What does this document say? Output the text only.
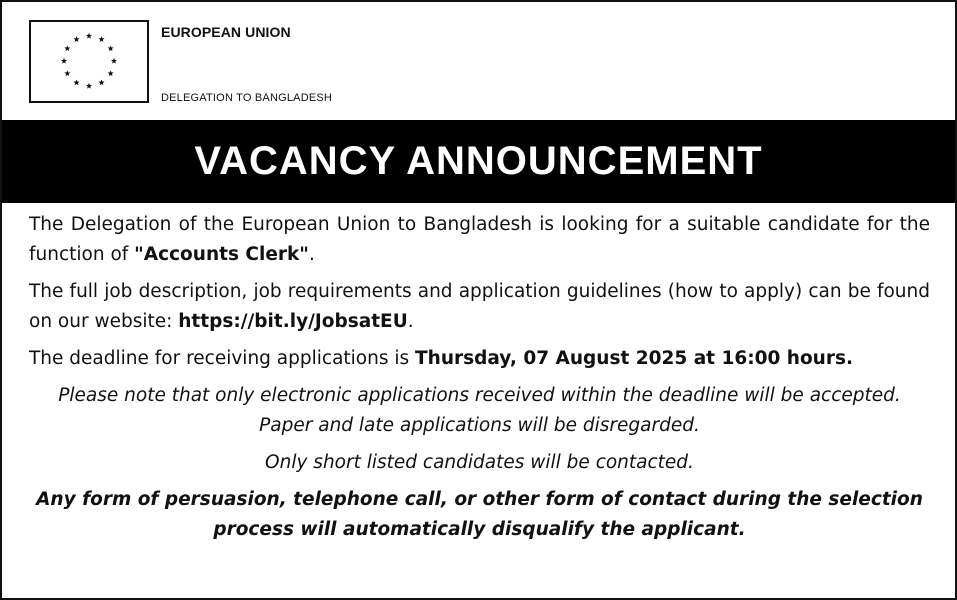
EUROPEAN UNION
DELEGATION TO BANGLADESH
VACANCY ANNOUNCEMENT

The Delegation of the European Union to Bangladesh is looking for a suitable candidate for the function of "Accounts Clerk".

The full job description, job requirements and application guidelines (how to apply) can be found on our website: https://bit.ly/JobsatEU.

The deadline for receiving applications is Thursday, 07 August 2025 at 16:00 hours.

Please note that only electronic applications received within the deadline will be accepted. Paper and late applications will be disregarded.

Only short listed candidates will be contacted.

Any form of persuasion, telephone call, or other form of contact during the selection process will automatically disqualify the applicant.
